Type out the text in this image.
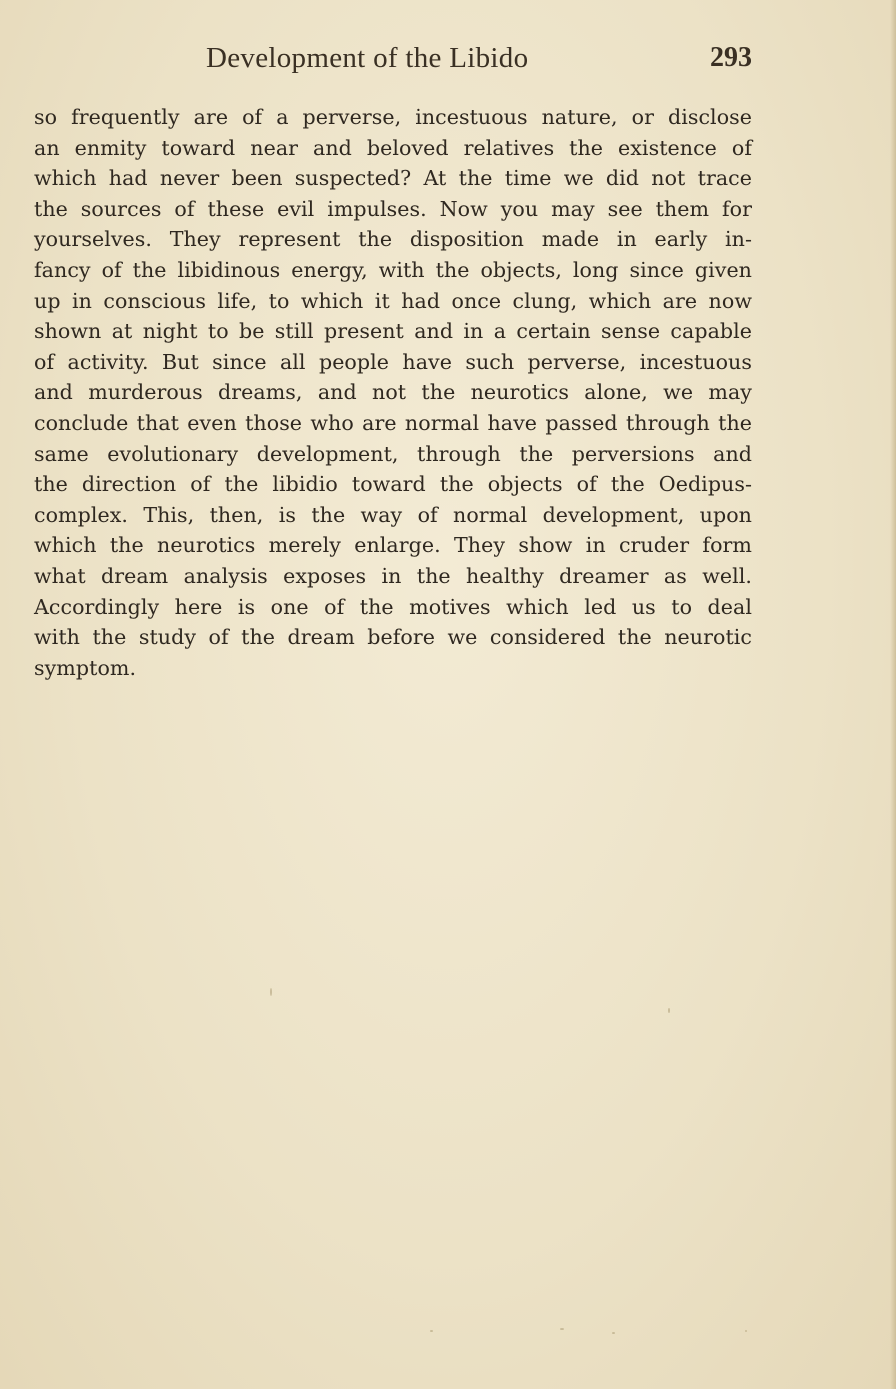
Development of the Libido	293
so frequently are of a perverse, incestuous nature, or disclose
an enmity toward near and beloved relatives the existence of
which had never been suspected? At the time we did not trace
the sources of these evil impulses. Now you may see them for
yourselves. They represent the disposition made in early in-
fancy of the libidinous energy, with the objects, long since given
up in conscious life, to which it had once clung, which are now
shown at night to be still present and in a certain sense capable
of activity. But since all people have such perverse, incestuous
and murderous dreams, and not the neurotics alone, we may
conclude that even those who are normal have passed through the
same evolutionary development, through the perversions and
the direction of the libidio toward the objects of the Oedipus-
complex. This, then, is the way of normal development, upon
which the neurotics merely enlarge. They show in cruder form
what dream analysis exposes in the healthy dreamer as well.
Accordingly here is one of the motives which led us to deal
with the study of the dream before we considered the neurotic
symptom.
